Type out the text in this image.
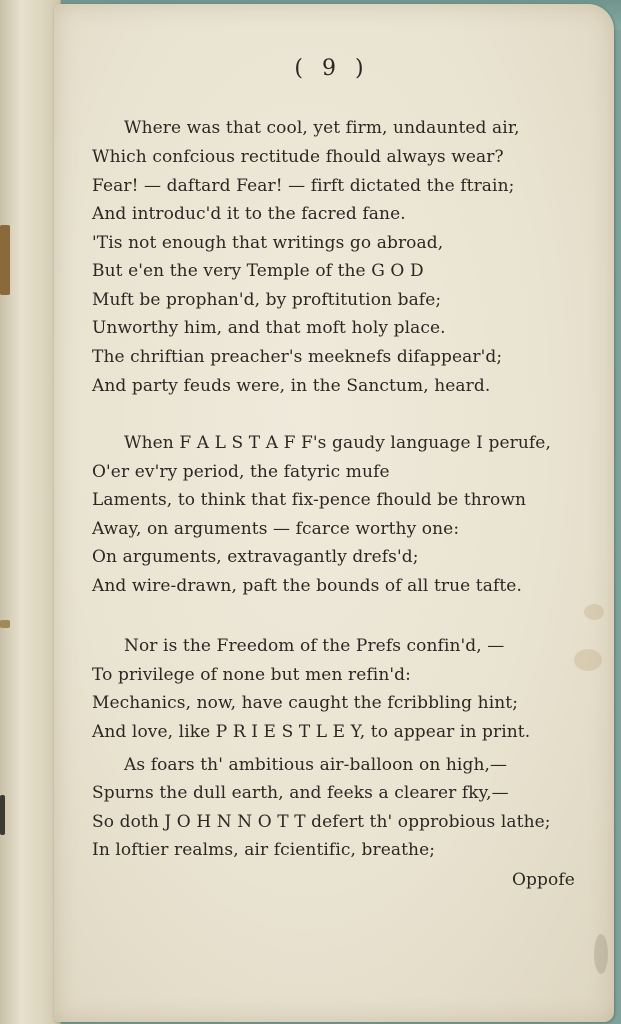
( 9 )
Where was that cool, yet firm, undaunted air,
Which confcious rectitude fhould always wear?
Fear! — daftard Fear! — firft dictated the ftrain;
And introduc'd it to the facred fane.
'Tis not enough that writings go abroad,
But e'en the very Temple of the G O D
Muft be prophan'd, by proftitution bafe;
Unworthy him, and that moft holy place.
The chriftian preacher's meeknefs difappear'd;
And party feuds were, in the Sanctum, heard.
When F A L S T A F F's gaudy language I perufe,
O'er ev'ry period, the fatyric mufe
Laments, to think that fix-pence fhould be thrown
Away, on arguments — fcarce worthy one:
On arguments, extravagantly drefs'd;
And wire-drawn, paft the bounds of all true tafte.
Nor is the Freedom of the Prefs confin'd, —
To privilege of none but men refin'd:
Mechanics, now, have caught the fcribbling hint;
And love, like P R I E S T L E Y, to appear in print.
As foars th' ambitious air-balloon on high,—
Spurns the dull earth, and feeks a clearer fky,—
So doth J O H N N O T T defert th' opprobious lathe;
In loftier realms, air fcientific, breathe;
Oppofe
